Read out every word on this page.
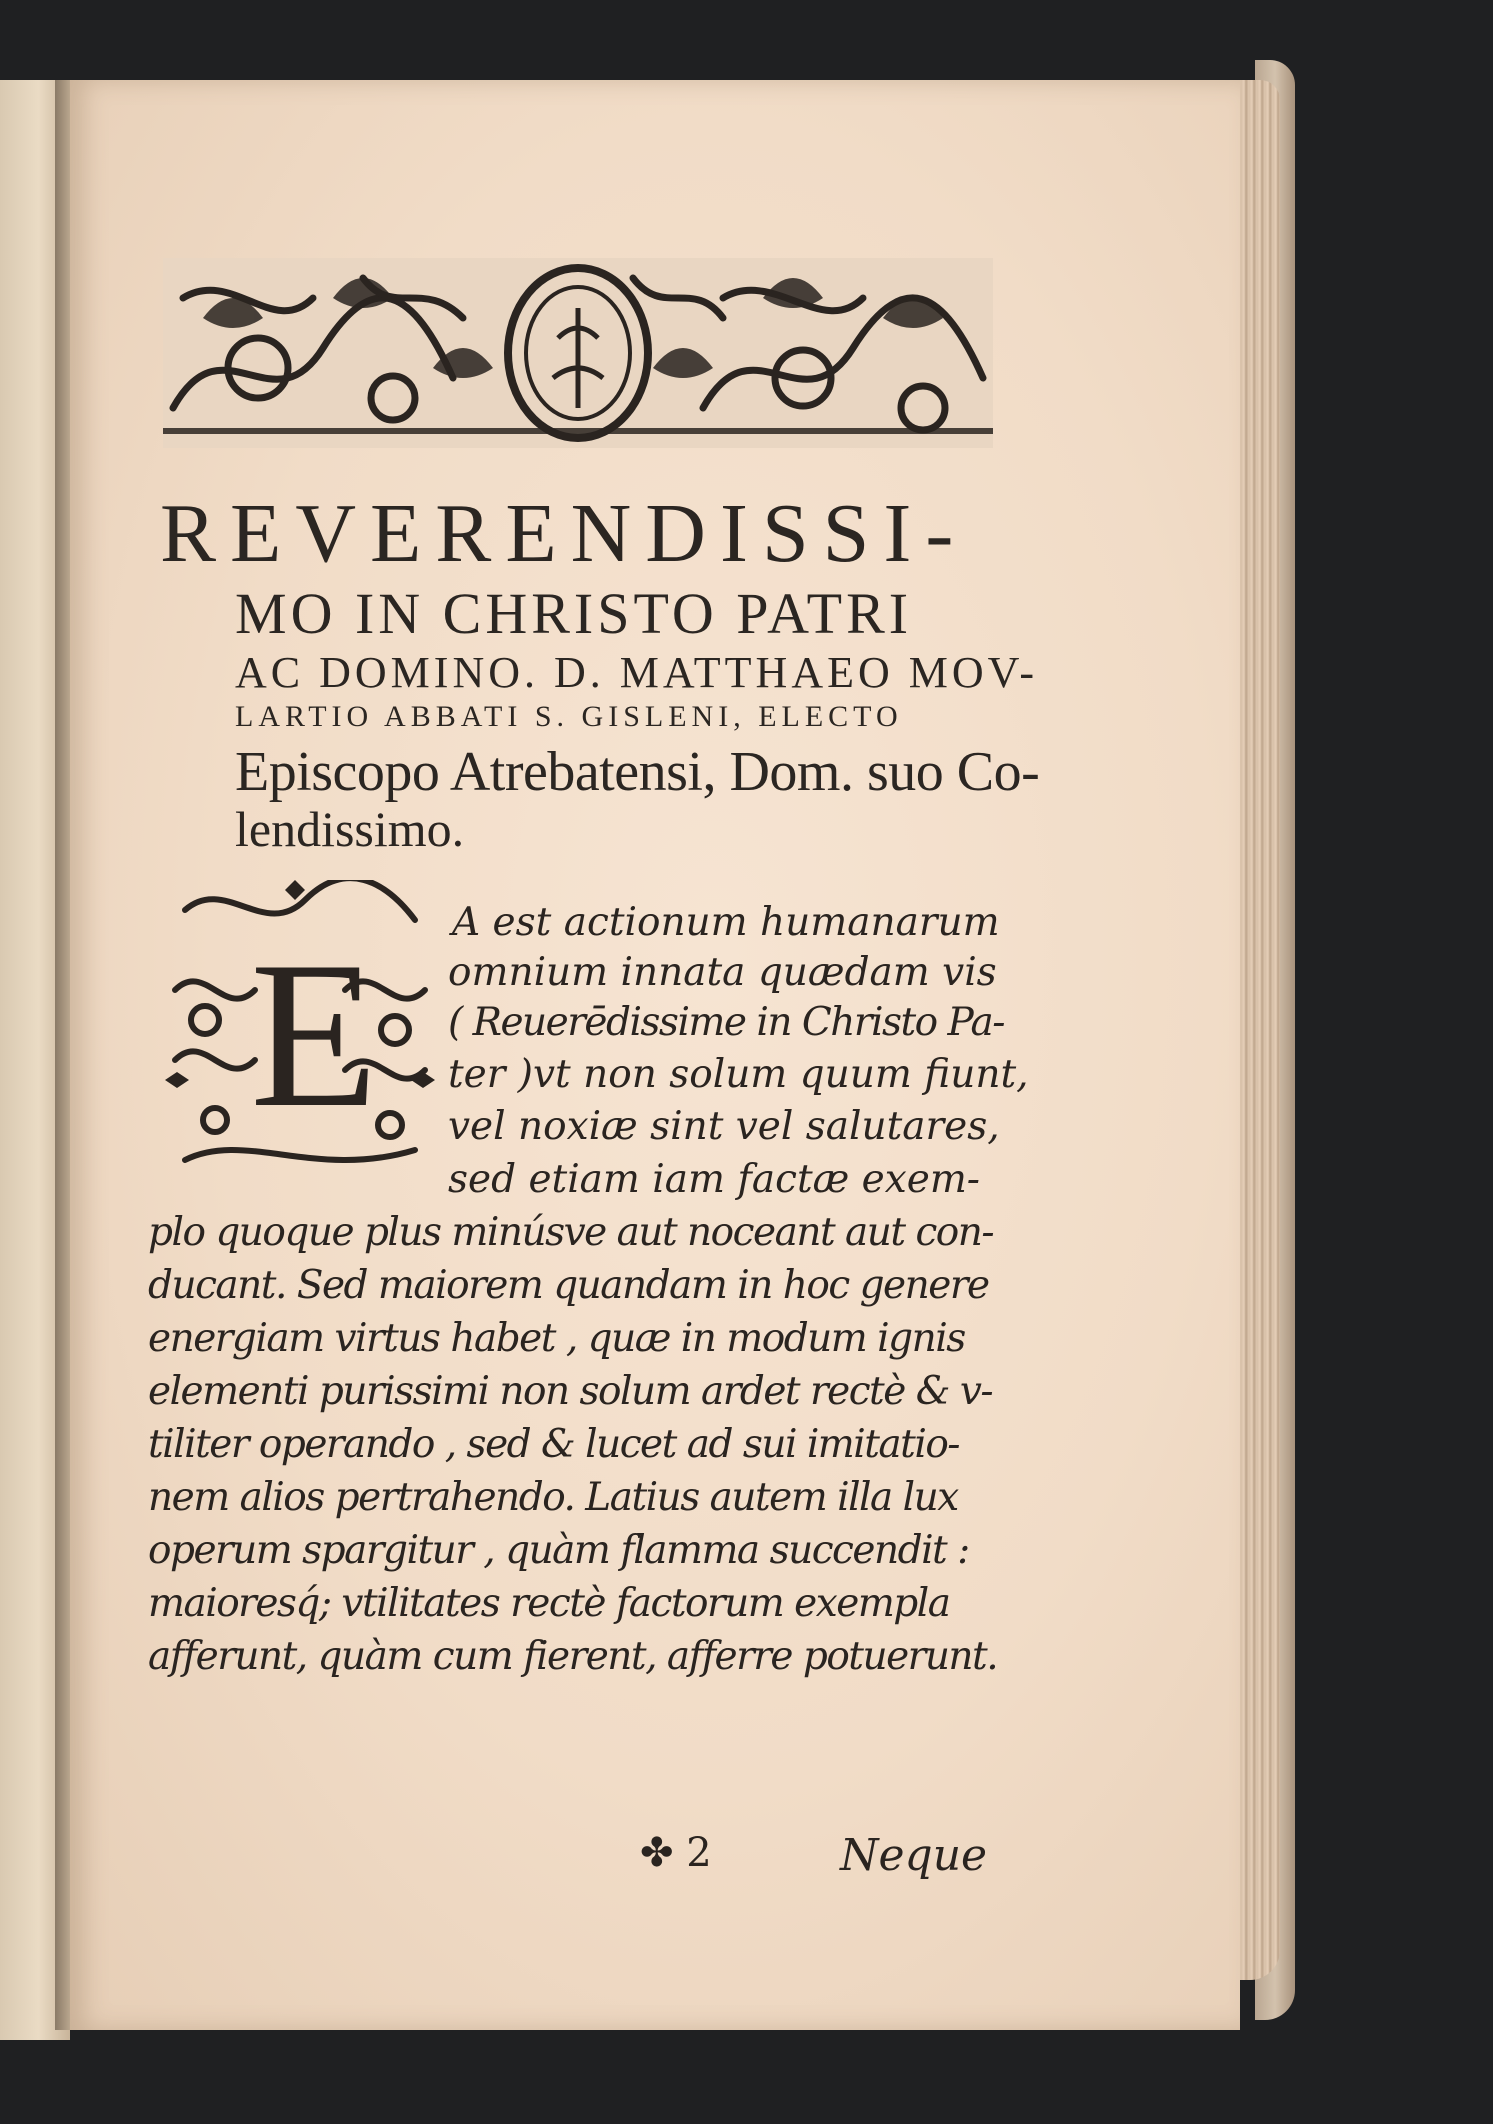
REVERENDISSI-
MO IN CHRISTO PATRI
AC DOMINO. D. MATTHAEO MOV-
LARTIO ABBATI S. GISLENI, ELECTO
Episcopo Atrebatensi, Dom. suo Co-
lendissimo.
E A est actionum humanarum
omnium innata quædam vis
( Reuerēdissime in Christo Pa-
ter )vt non solum quum fiunt,
vel noxiæ sint vel salutares,
sed etiam iam factæ exem-
plo quoque plus minúsve aut noceant aut con-
ducant. Sed maiorem quandam in hoc genere
energiam virtus habet , quæ in modum ignis
elementi purissimi non solum ardet rectè & v-
tiliter operando , sed & lucet ad sui imitatio-
nem alios pertrahendo. Latius autem illa lux
operum spargitur , quàm flamma succendit :
maioresq́; vtilitates rectè factorum exempla
afferunt, quàm cum fierent, afferre potuerunt.
✤ 2	Neque
